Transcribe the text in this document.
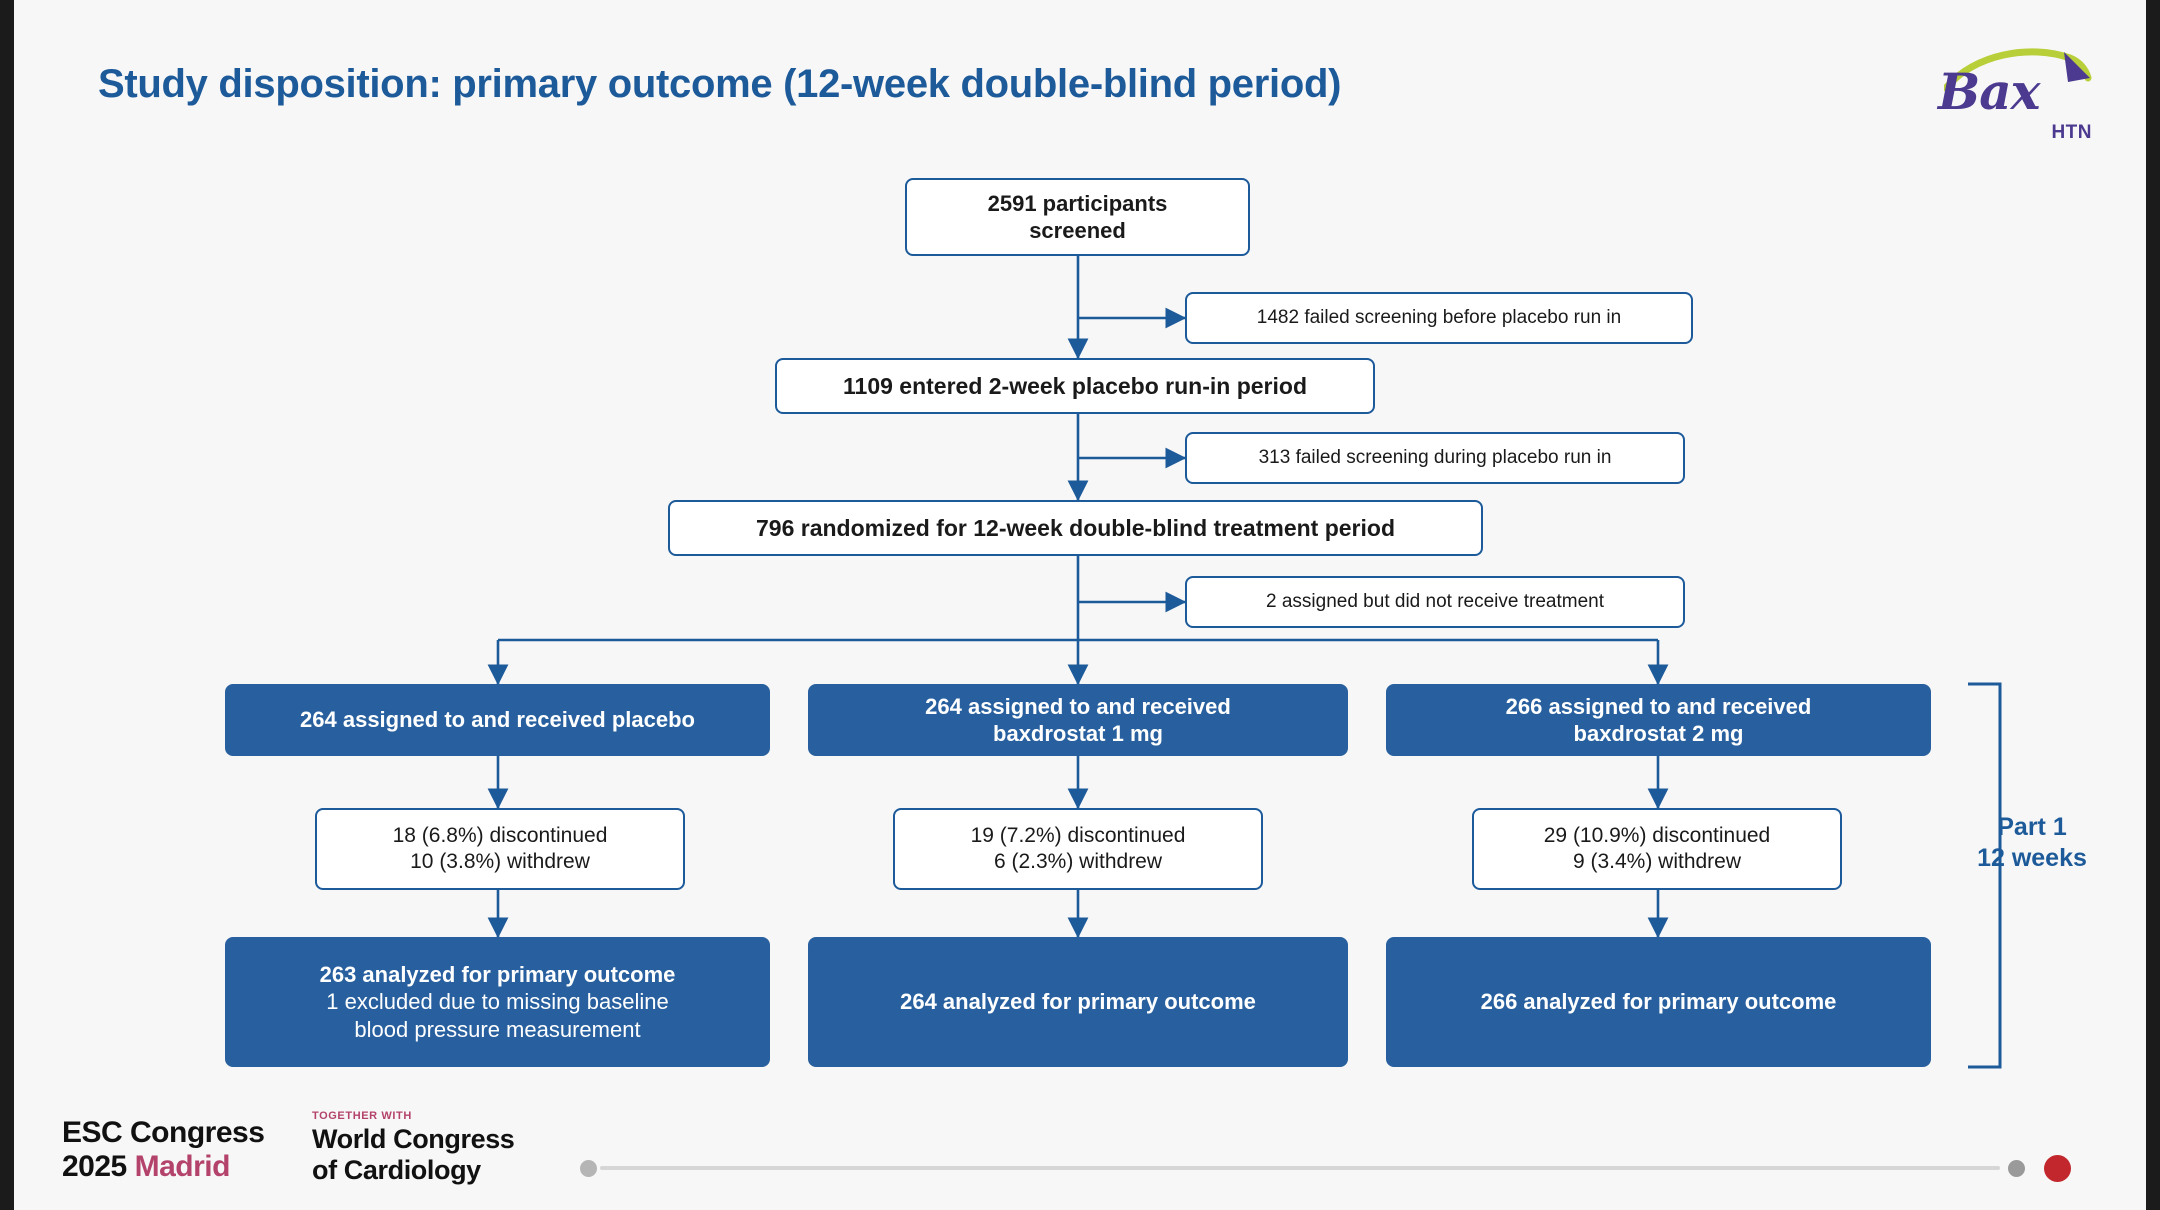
Study disposition: primary outcome (12-week double-blind period)	Bax
HTN
2591 participants
screened
1482 failed screening before placebo run in
1109 entered 2-week placebo run-in period
313 failed screening during placebo run in
796 randomized for 12-week double-blind treatment period
2 assigned but did not receive treatment
264 assigned to and received placebo
264 assigned to and received
baxdrostat 1 mg
266 assigned to and received
baxdrostat 2 mg
18 (6.8%) discontinued
10 (3.8%) withdrew
19 (7.2%) discontinued
6 (2.3%) withdrew
29 (10.9%) discontinued
9 (3.4%) withdrew
263 analyzed for primary outcome
1 excluded due to missing baseline
blood pressure measurement
264 analyzed for primary outcome	266 analyzed for primary outcome
Part 1
12 weeks
ESC Congress
2025 Madrid
TOGETHER WITH
World Congress
of Cardiology
